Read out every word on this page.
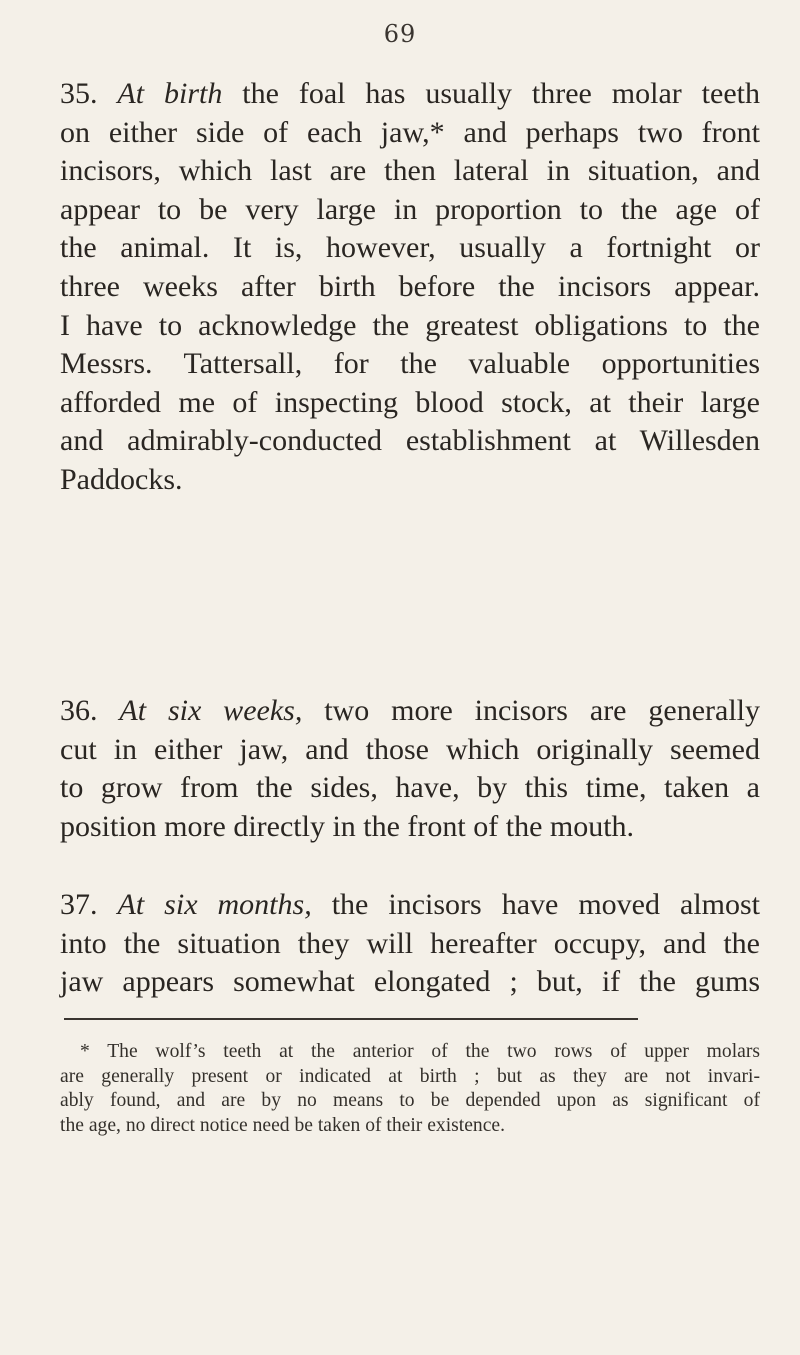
69
35. At birth the foal has usually three molar teeth
on either side of each jaw,* and perhaps two front
incisors, which last are then lateral in situation, and
appear to be very large in proportion to the age of
the animal. It is, however, usually a fortnight or
three weeks after birth before the incisors appear.
I have to acknowledge the greatest obligations to the
Messrs. Tattersall, for the valuable opportunities
afforded me of inspecting blood stock, at their large
and admirably-conducted establishment at Willesden
Paddocks.
36. At six weeks, two more incisors are generally
cut in either jaw, and those which originally seemed
to grow from the sides, have, by this time, taken a
position more directly in the front of the mouth.
37. At six months, the incisors have moved almost
into the situation they will hereafter occupy, and the
jaw appears somewhat elongated ; but, if the gums
* The wolf’s teeth at the anterior of the two rows of upper molars
are generally present or indicated at birth ; but as they are not invari-
ably found, and are by no means to be depended upon as significant of
the age, no direct notice need be taken of their existence.
